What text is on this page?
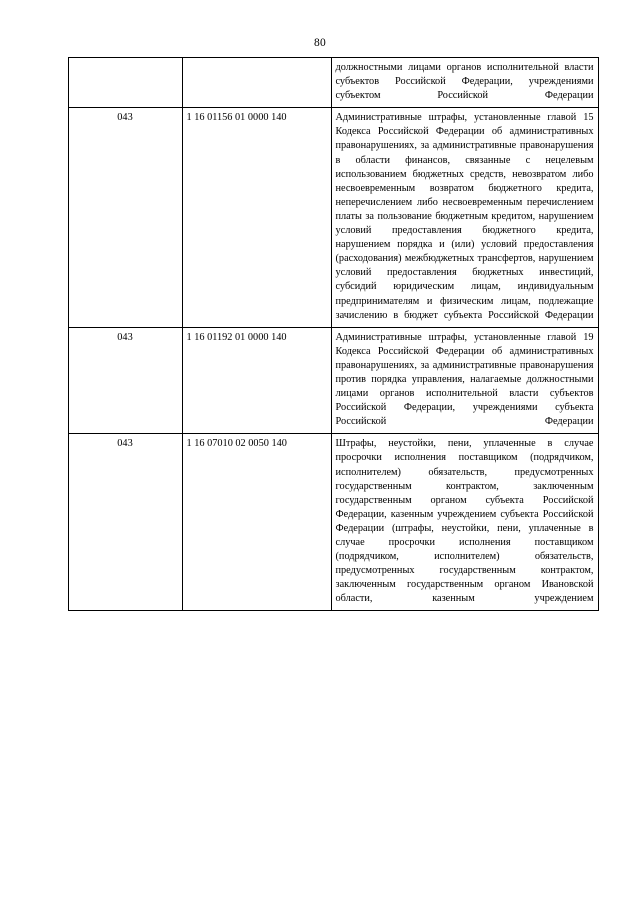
80

		должностными лицами органов исполнительной власти субъектов Российской Федерации, учреждениями субъектом Российской Федерации

043	1 16 01156 01 0000 140	Административные штрафы, установленные главой 15 Кодекса Российской Федерации об административных правонарушениях, за административные правонарушения в области финансов, связанные с нецелевым использованием бюджетных средств, невозвратом либо несвоевременным возвратом бюджетного кредита, неперечислением либо несвоевременным перечислением платы за пользование бюджетным кредитом, нарушением условий предоставления бюджетного кредита, нарушением порядка и (или) условий предоставления (расходования) межбюджетных трансфертов, нарушением условий предоставления бюджетных инвестиций, субсидий юридическим лицам, индивидуальным предпринимателям и физическим лицам, подлежащие зачислению в бюджет субъекта Российской Федерации

043	1 16 01192 01 0000 140	Административные штрафы, установленные главой 19 Кодекса Российской Федерации об административных правонарушениях, за административные правонарушения против порядка управления, налагаемые должностными лицами органов исполнительной власти субъектов Российской Федерации, учреждениями субъекта Российской Федерации

043	1 16 07010 02 0050 140	Штрафы, неустойки, пени, уплаченные в случае просрочки исполнения поставщиком (подрядчиком, исполнителем) обязательств, предусмотренных государственным контрактом, заключенным государственным органом субъекта Российской Федерации, казенным учреждением субъекта Российской Федерации (штрафы, неустойки, пени, уплаченные в случае просрочки исполнения поставщиком (подрядчиком, исполнителем) обязательств, предусмотренных государственным контрактом, заключенным государственным органом Ивановской области, казенным учреждением
